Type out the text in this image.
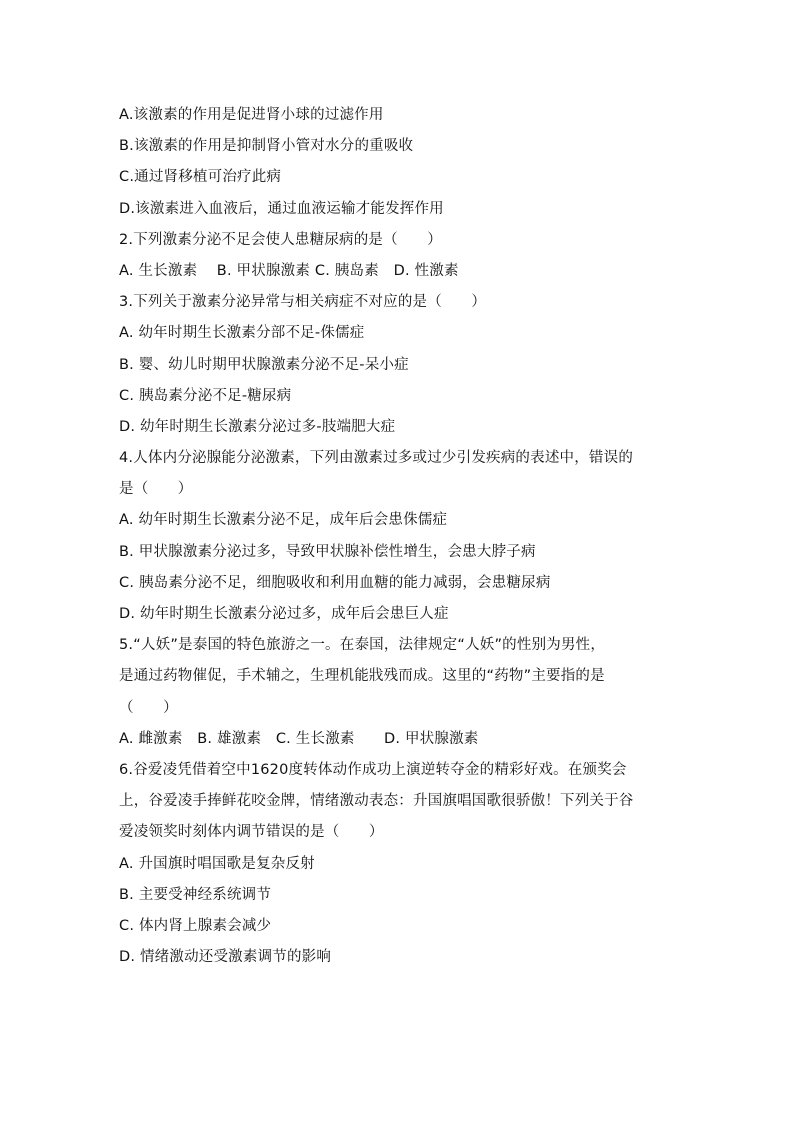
A.该激素的作用是促进肾小球的过滤作用
B.该激素的作用是抑制肾小管对水分的重吸收
C.通过肾移植可治疗此病
D.该激素进入血液后，通过血液运输才能发挥作用
2.下列激素分泌不足会使人患糖尿病的是（　　）
A. 生长激素　 B. 甲状腺激素 C. 胰岛素　D. 性激素
3.下列关于激素分泌异常与相关病症不对应的是（　　）
A. 幼年时期生长激素分部不足-侏儒症
B. 婴、幼儿时期甲状腺激素分泌不足-呆小症
C. 胰岛素分泌不足-糖尿病
D. 幼年时期生长激素分泌过多-肢端肥大症
4.人体内分泌腺能分泌激素，下列由激素过多或过少引发疾病的表述中，错误的
是（　　）
A. 幼年时期生长激素分泌不足，成年后会患侏儒症
B. 甲状腺激素分泌过多，导致甲状腺补偿性增生，会患大脖子病
C. 胰岛素分泌不足，细胞吸收和利用血糖的能力减弱，会患糖尿病
D. 幼年时期生长激素分泌过多，成年后会患巨人症
5.“人妖”是泰国的特色旅游之一。在泰国，法律规定“人妖”的性别为男性，
是通过药物催促，手术辅之，生理机能戕残而成。这里的“药物”主要指的是
（　　）
A. 雌激素　B. 雄激素　C. 生长激素　　D. 甲状腺激素
6.谷爱凌凭借着空中1620度转体动作成功上演逆转夺金的精彩好戏。在颁奖会
上，谷爱凌手捧鲜花咬金牌，情绪激动表态：升国旗唱国歌很骄傲！下列关于谷
爱凌领奖时刻体内调节错误的是（　　）
A. 升国旗时唱国歌是复杂反射
B. 主要受神经系统调节
C. 体内肾上腺素会减少
D. 情绪激动还受激素调节的影响
